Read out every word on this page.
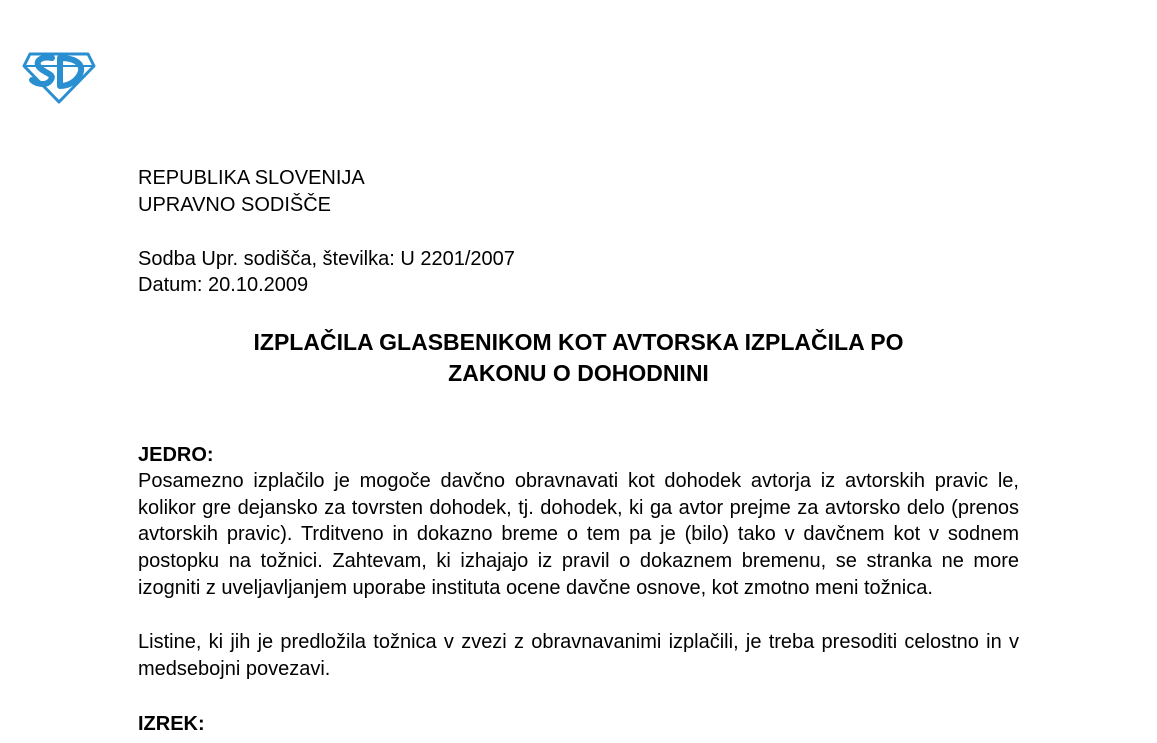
REPUBLIKA SLOVENIJA
UPRAVNO SODIŠČE
Sodba Upr. sodišča, številka: U 2201/2007
Datum: 20.10.2009
IZPLAČILA GLASBENIKOM KOT AVTORSKA IZPLAČILA PO
ZAKONU O DOHODNINI
JEDRO:
Posamezno izplačilo je mogoče davčno obravnavati kot dohodek avtorja iz avtorskih pravic le, kolikor gre dejansko za tovrsten dohodek, tj. dohodek, ki ga avtor prejme za avtorsko delo (prenos avtorskih pravic). Trditveno in dokazno breme o tem pa je (bilo) tako v davčnem kot v sodnem postopku na tožnici. Zahtevam, ki izhajajo iz pravil o dokaznem bremenu, se stranka ne more izogniti z uveljavljanjem uporabe instituta ocene davčne osnove, kot zmotno meni tožnica.
Listine, ki jih je predložila tožnica v zvezi z obravnavanimi izplačili, je treba presoditi celostno in v medsebojni povezavi.
IZREK:
